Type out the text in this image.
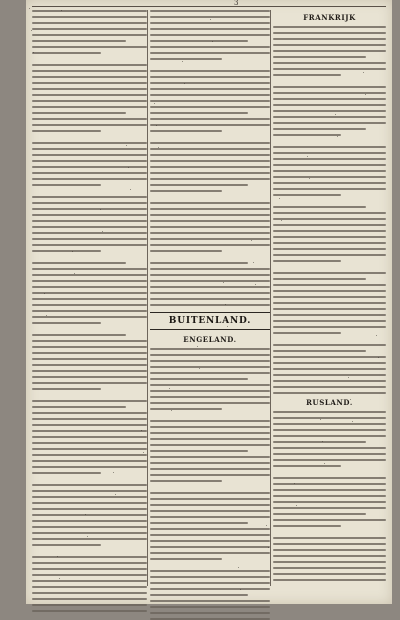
3
BUITENLAND.
ENGELAND.
FRANKRIJK
RUSLAND.
